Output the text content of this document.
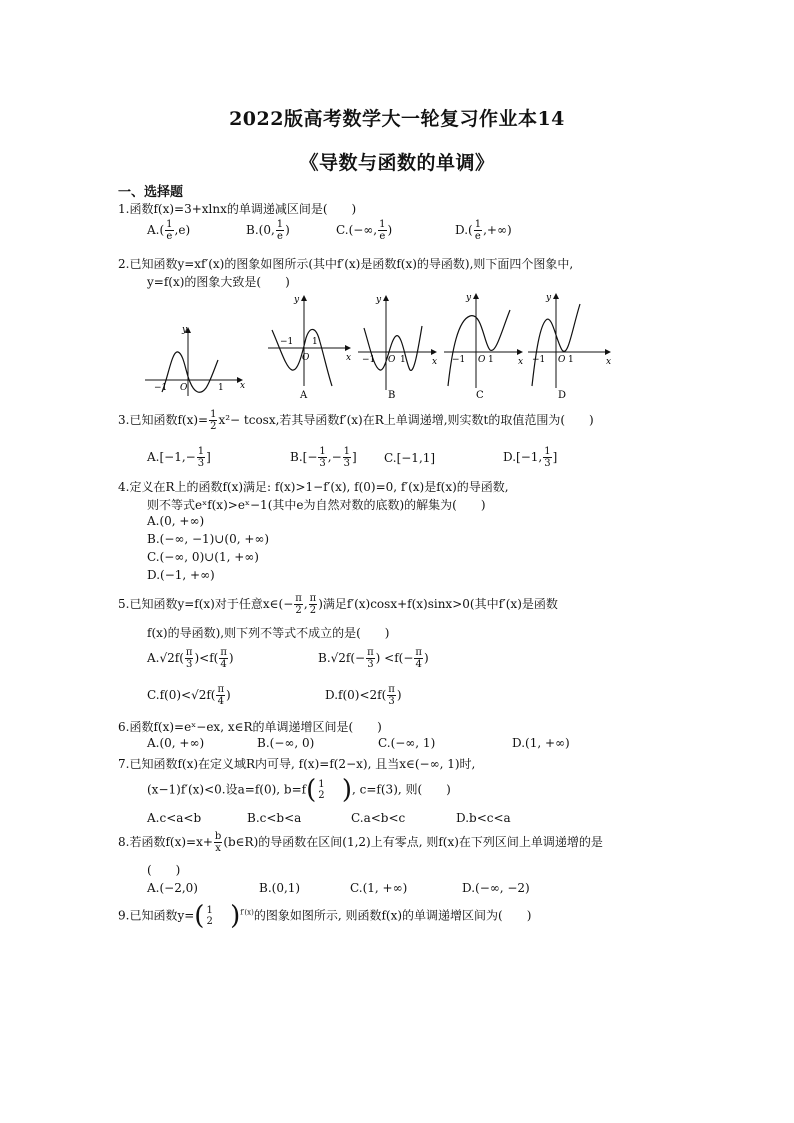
2022版高考数学大一轮复习作业本14
《导数与函数的单调》
一、选择题
1.函数f(x)=3+xlnx的单调递减区间是(　　)
$A.( \frac{1}{e} ,e)$	B.(0, $\frac{1}{e}$ )	C.(−∞, $\frac{1}{e}$ )	$D.( \frac{1}{e}$ ,+∞)
2.已知函数y=xf′(x)的图象如图所示(其中f′(x)是函数f(x)的导函数),则下面四个图象中,
y=f(x)的图象大致是(　　)
x
y
−1 O	1
x
y
−1
O
1
A
x
y
−1 O 1
B
x
y
−1 O 1
C
x
y
−1 O 1
D
3.已知函数$f(x)= \frac{1}{2} x^2- tcosx$,若其导函数f′(x)在R上单调递增,则实数t的取值范围为(　　)
$A.[-1,- \frac{1}{3}$ ]	$B.[- \frac{1}{3}$ ,− $\frac{1}{3}$ ] C.[−1,1]	D.[−1, $\frac{1}{3}$ ]
4.定义在R上的函数f(x)满足: f(x)>1−f′(x), f(0)=0, f′(x)是f(x)的导函数,
则不等式eˣf(x)>eˣ−1(其中e为自然对数的底数)的解集为(　　)
A.(0, +∞)
B.(−∞, −1)∪(0, +∞)
C.(−∞, 0)∪(1, +∞)
D.(−1, +∞)
5.已知函数y=f(x)对于任意x∈(− $\frac{\pi}{2}$ , $\frac{\pi}{2}$ )满足f′(x)cosx+f(x)sinx>0(其中f′(x)是函数
f(x)的导函数),则下列不等式不成立的是(　　)
$A.√2f( \frac{\pi}{3} )<f( \frac{\pi}{4}$ )	$B.√2f(- \frac{\pi}{3}$ ) $<f(- \frac{\pi}{4}$ )
$C.f(0)<√2f( \frac{\pi}{4}$ )	$D.f(0)<2f( \frac{\pi}{3}$ )
6.函数f(x)=eˣ−ex, x∈R的单调递增区间是(　　)
A.(0, +∞)	B.(−∞, 0)	C.(−∞, 1)	D.(1, +∞)
7.已知函数f(x)在定义域R内可导, f(x)=f(2−x), 且当x∈(−∞, 1)时,
(x−1)f′(x)<0.设a=f(0), b=f( 1
2 ), c=f(3), 则(　　)
A.c<a<b	B.c<b<a	C.a<b<c	D.b<c<a
8.若函数$f(x)=x+ \frac{b}{x}$ (b∈R)的导函数在区间(1,2)上有零点, 则f(x)在下列区间上单调递增的是
(　　)
A.(−2,0)	B.(0,1)	C.(1, +∞)	D.(−∞, −2)
9.已知函数y=( 1
2 )$^{f'(x)}$的图象如图所示, 则函数f(x)的单调递增区间为(　　)
